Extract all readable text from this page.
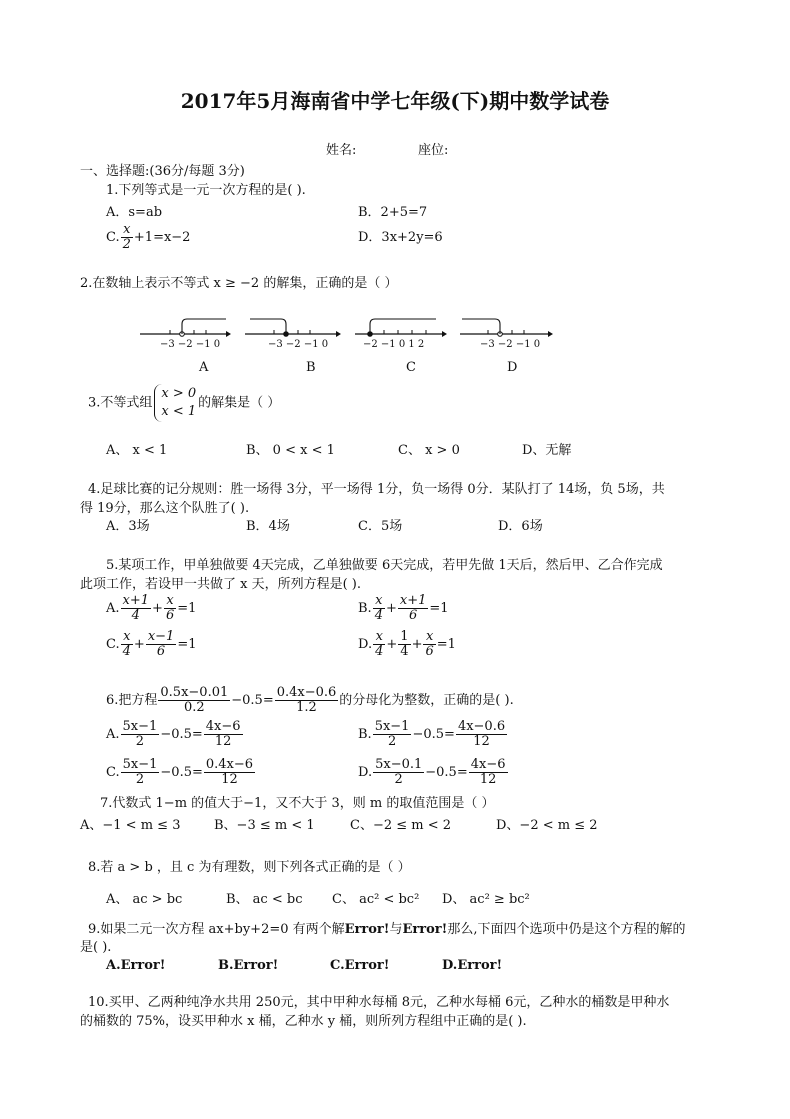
2017年5月海南省中学七年级(下)期中数学试卷
姓名:	座位:
一、选择题:(36分/每题 3分)
1.下列等式是一元一次方程的是( ).
A．s=ab	B．2+5=7
C. $\frac{x}{2} +1=x-2$	D．3x+2y=6
2.在数轴上表示不等式 x ≥ −2 的解集，正确的是（ ）
−3 −2 −1 0	−3 −2 −1 0	−2 −1 0 1 2	−3 −2 −1 0
A	B	C	D
3.不等式组
x > 0
x < 1
的解集是（ ）
A、 x < 1	B、 0 < x < 1	C、 x > 0	D、无解
4.足球比赛的记分规则：胜一场得 3分，平一场得 1分，负一场得 0分．某队打了 14场，负 5场，共
得 19分，那么这个队胜了( ).
A．3场	B．4场	C．5场	D．6场
5.某项工作，甲单独做要 4天完成，乙单独做要 6天完成，若甲先做 1天后，然后甲、乙合作完成
此项工作，若设甲一共做了 x 天，所列方程是( ).
A. $\frac{x+1}{4} + \frac{x}{6} =1$	B. $\frac{x}{4} + \frac{x+1}{6} =1$
C. $\frac{x}{4} + \frac{x-1}{6} =1$	D. $\frac{x}{4} + \frac{1}{4} + \frac{x}{6} =1$
6.把方程 $\frac{0.5x-0.01}{0.2} -0.5= \frac{0.4x-0.6}{1.2}$ 的分母化为整数，正确的是( ).
A. $\frac{5x-1}{2} -0.5= \frac{4x-6}{12}$	B. $\frac{5x-1}{2} -0.5= \frac{4x-0.6}{12}$
C. $\frac{5x-1}{2} -0.5= \frac{0.4x-6}{12}$	D. $\frac{5x-0.1}{2} -0.5= \frac{4x-6}{12}$
7.代数式 1−m 的值大于−1，又不大于 3，则 m 的取值范围是（ ）
A、−1 < m ≤ 3	B、−3 ≤ m < 1	C、−2 ≤ m < 2	D、−2 < m ≤ 2
8.若 a > b ，且 c 为有理数，则下列各式正确的是（ ）
A、 ac > bc	B、 ac < bc C、 ac² < bc² D、 ac² ≥ bc²
9.如果二元一次方程 ax+by+2=0 有两个解Error!与Error!那么,下面四个选项中仍是这个方程的解的
是( ).
A.Error!	B.Error!	C.Error!	D.Error!
10.买甲、乙两种纯净水共用 250元，其中甲种水每桶 8元，乙种水每桶 6元，乙种水的桶数是甲种水
的桶数的 75%，设买甲种水 x 桶，乙种水 y 桶，则所列方程组中正确的是( ).
